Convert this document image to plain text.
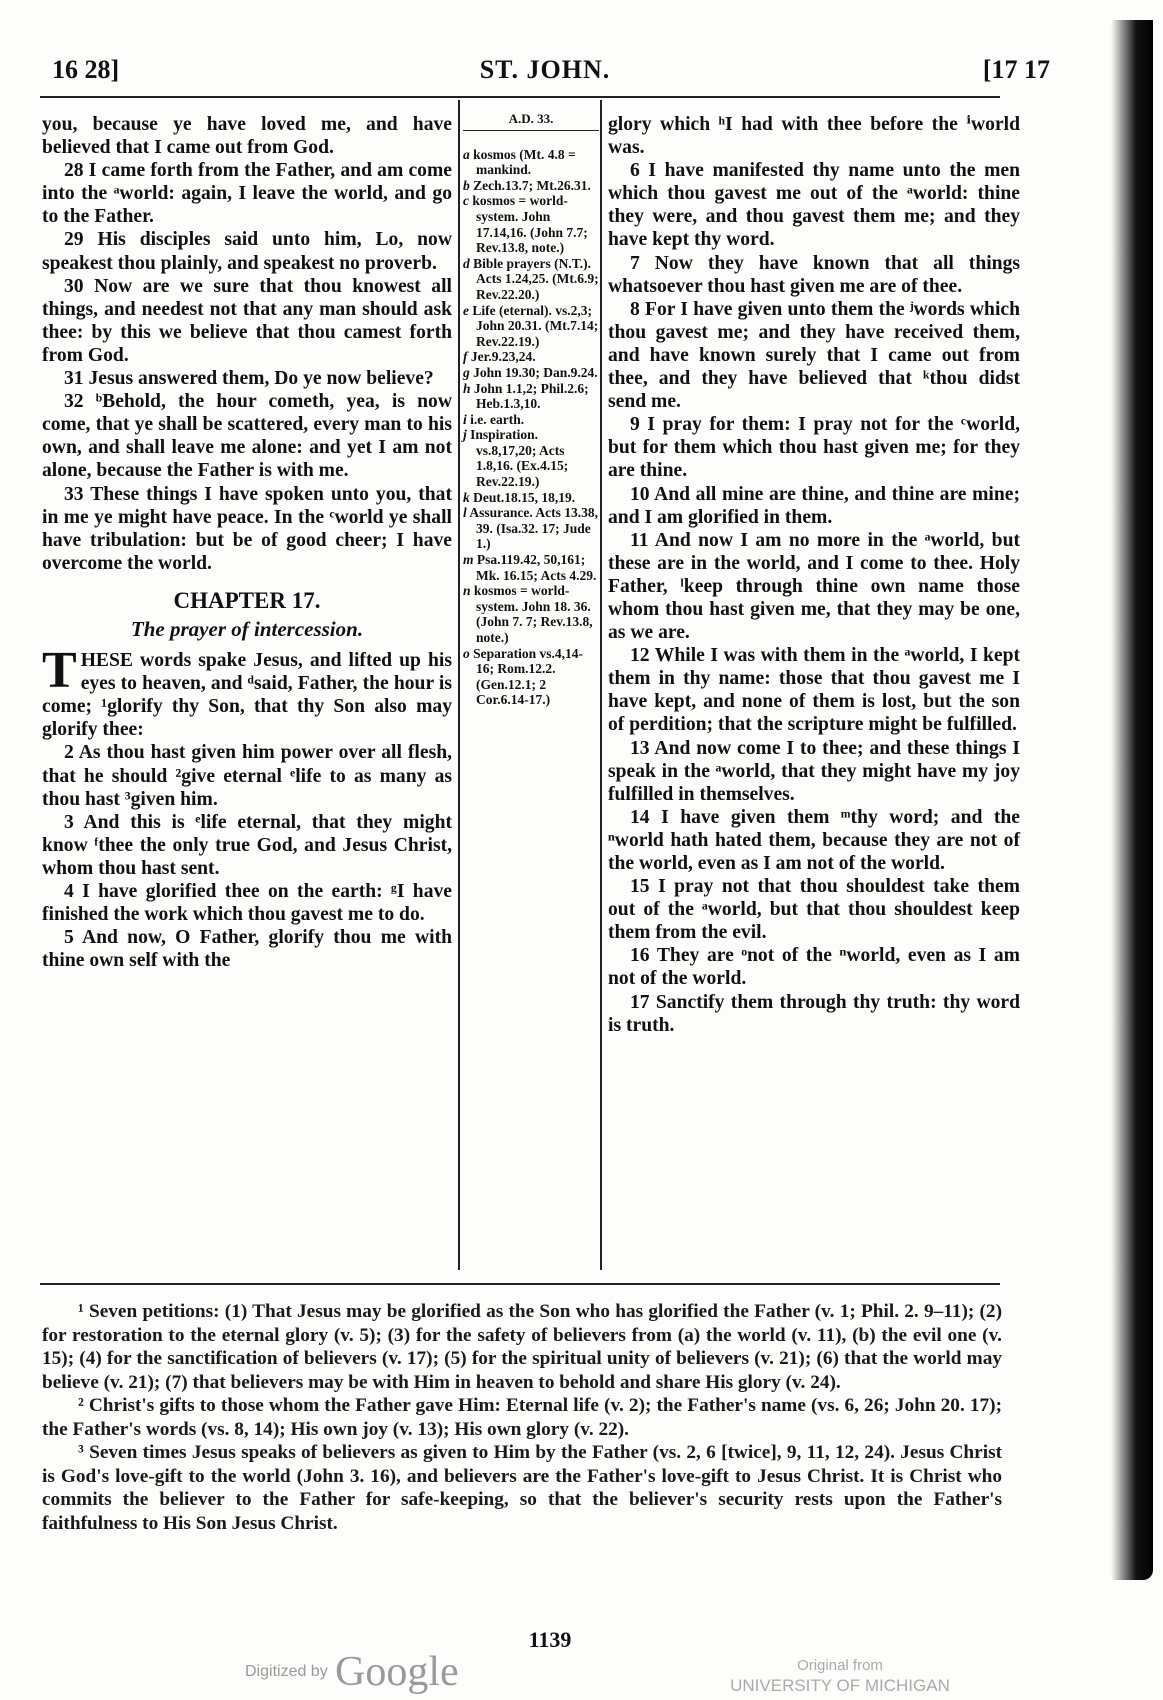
16 28]	ST. JOHN.	[17 17

you, because ye have loved me, and have believed that I came out from God.

28 I came forth from the Father, and am come into the ᵃworld: again, I leave the world, and go to the Father.

29 His disciples said unto him, Lo, now speakest thou plainly, and speakest no proverb.

30 Now are we sure that thou knowest all things, and needest not that any man should ask thee: by this we believe that thou camest forth from God.

31 Jesus answered them, Do ye now believe?

32 ᵇBehold, the hour cometh, yea, is now come, that ye shall be scattered, every man to his own, and shall leave me alone: and yet I am not alone, because the Father is with me.

33 These things I have spoken unto you, that in me ye might have peace. In the ᶜworld ye shall have tribulation: but be of good cheer; I have overcome the world.

CHAPTER 17.
The prayer of intercession.

THESE words spake Jesus, and lifted up his eyes to heaven, and ᵈsaid, Father, the hour is come; ¹glorify thy Son, that thy Son also may glorify thee:

2 As thou hast given him power over all flesh, that he should ²give eternal ᵉlife to as many as thou hast ³given him.

3 And this is ᵉlife eternal, that they might know ᶠthee the only true God, and Jesus Christ, whom thou hast sent.

4 I have glorified thee on the earth: ᵍI have finished the work which thou gavest me to do.

5 And now, O Father, glorify thou me with thine own self with the

A.D. 33.

a kosmos (Mt. 4.8 = mankind.

b Zech.13.7; Mt.26.31.

c kosmos = world-system. John 17.14,16. (John 7.7; Rev.13.8, note.)

d Bible prayers (N.T.). Acts 1.24,25. (Mt.6.9; Rev.22.20.)

e Life (eternal). vs.2,3; John 20.31. (Mt.7.14; Rev.22.19.)

f Jer.9.23,24.

g John 19.30; Dan.9.24.

h John 1.1,2; Phil.2.6; Heb.1.3,10.

i i.e. earth.

j Inspiration. vs.8,17,20; Acts 1.8,16. (Ex.4.15; Rev.22.19.)

k Deut.18.15, 18,19.

l Assurance. Acts 13.38, 39. (Isa.32. 17; Jude 1.)

m Psa.119.42, 50,161; Mk. 16.15; Acts 4.29.

n kosmos = world-system. John 18. 36. (John 7. 7; Rev.13.8, note.)

o Separation vs.4,14-16; Rom.12.2. (Gen.12.1; 2 Cor.6.14-17.)

glory which ʰI had with thee before the ⁱworld was.

6 I have manifested thy name unto the men which thou gavest me out of the ᵃworld: thine they were, and thou gavest them me; and they have kept thy word.

7 Now they have known that all things whatsoever thou hast given me are of thee.

8 For I have given unto them the ʲwords which thou gavest me; and they have received them, and have known surely that I came out from thee, and they have believed that ᵏthou didst send me.

9 I pray for them: I pray not for the ᶜworld, but for them which thou hast given me; for they are thine.

10 And all mine are thine, and thine are mine; and I am glorified in them.

11 And now I am no more in the ᵃworld, but these are in the world, and I come to thee. Holy Father, ˡkeep through thine own name those whom thou hast given me, that they may be one, as we are.

12 While I was with them in the ᵃworld, I kept them in thy name: those that thou gavest me I have kept, and none of them is lost, but the son of perdition; that the scripture might be fulfilled.

13 And now come I to thee; and these things I speak in the ᵃworld, that they might have my joy fulfilled in themselves.

14 I have given them ᵐthy word; and the ⁿworld hath hated them, because they are not of the world, even as I am not of the world.

15 I pray not that thou shouldest take them out of the ᵃworld, but that thou shouldest keep them from the evil.

16 They are ᵒnot of the ⁿworld, even as I am not of the world.

17 Sanctify them through thy truth: thy word is truth.

¹ Seven petitions: (1) That Jesus may be glorified as the Son who has glorified the Father (v. 1; Phil. 2. 9–11); (2) for restoration to the eternal glory (v. 5); (3) for the safety of believers from (a) the world (v. 11), (b) the evil one (v. 15); (4) for the sanctification of believers (v. 17); (5) for the spiritual unity of believers (v. 21); (6) that the world may believe (v. 21); (7) that believers may be with Him in heaven to behold and share His glory (v. 24).

² Christ's gifts to those whom the Father gave Him: Eternal life (v. 2); the Father's name (vs. 6, 26; John 20. 17); the Father's words (vs. 8, 14); His own joy (v. 13); His own glory (v. 22).

³ Seven times Jesus speaks of believers as given to Him by the Father (vs. 2, 6 [twice], 9, 11, 12, 24). Jesus Christ is God's love-gift to the world (John 3. 16), and believers are the Father's love-gift to Jesus Christ. It is Christ who commits the believer to the Father for safe-keeping, so that the believer's security rests upon the Father's faithfulness to His Son Jesus Christ.

1139
Digitized by Google	Original from
UNIVERSITY OF MICHIGAN
